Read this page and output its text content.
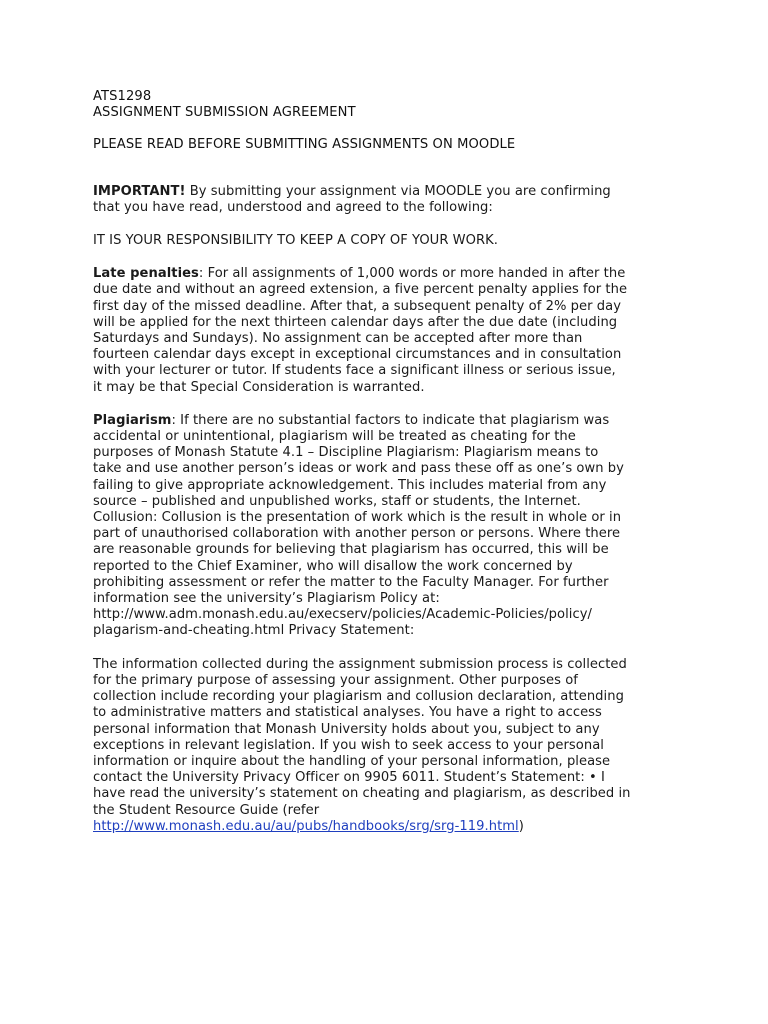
ATS1298
ASSIGNMENT SUBMISSION AGREEMENT
PLEASE READ BEFORE SUBMITTING ASSIGNMENTS ON MOODLE
IMPORTANT! By submitting your assignment via MOODLE you are confirming
that you have read, understood and agreed to the following:
IT IS YOUR RESPONSIBILITY TO KEEP A COPY OF YOUR WORK.
Late penalties: For all assignments of 1,000 words or more handed in after the
due date and without an agreed extension, a five percent penalty applies for the
first day of the missed deadline. After that, a subsequent penalty of 2% per day
will be applied for the next thirteen calendar days after the due date (including
Saturdays and Sundays). No assignment can be accepted after more than
fourteen calendar days except in exceptional circumstances and in consultation
with your lecturer or tutor. If students face a significant illness or serious issue,
it may be that Special Consideration is warranted.
Plagiarism: If there are no substantial factors to indicate that plagiarism was
accidental or unintentional, plagiarism will be treated as cheating for the
purposes of Monash Statute 4.1 – Discipline Plagiarism: Plagiarism means to
take and use another person’s ideas or work and pass these off as one’s own by
failing to give appropriate acknowledgement. This includes material from any
source – published and unpublished works, staff or students, the Internet.
Collusion: Collusion is the presentation of work which is the result in whole or in
part of unauthorised collaboration with another person or persons. Where there
are reasonable grounds for believing that plagiarism has occurred, this will be
reported to the Chief Examiner, who will disallow the work concerned by
prohibiting assessment or refer the matter to the Faculty Manager. For further
information see the university’s Plagiarism Policy at:
http://www.adm.monash.edu.au/execserv/policies/Academic-Policies/policy/
plagarism-and-cheating.html Privacy Statement:
The information collected during the assignment submission process is collected
for the primary purpose of assessing your assignment. Other purposes of
collection include recording your plagiarism and collusion declaration, attending
to administrative matters and statistical analyses. You have a right to access
personal information that Monash University holds about you, subject to any
exceptions in relevant legislation. If you wish to seek access to your personal
information or inquire about the handling of your personal information, please
contact the University Privacy Officer on 9905 6011. Student’s Statement: • I
have read the university’s statement on cheating and plagiarism, as described in
the Student Resource Guide (refer
http://www.monash.edu.au/au/pubs/handbooks/srg/srg-119.html)
